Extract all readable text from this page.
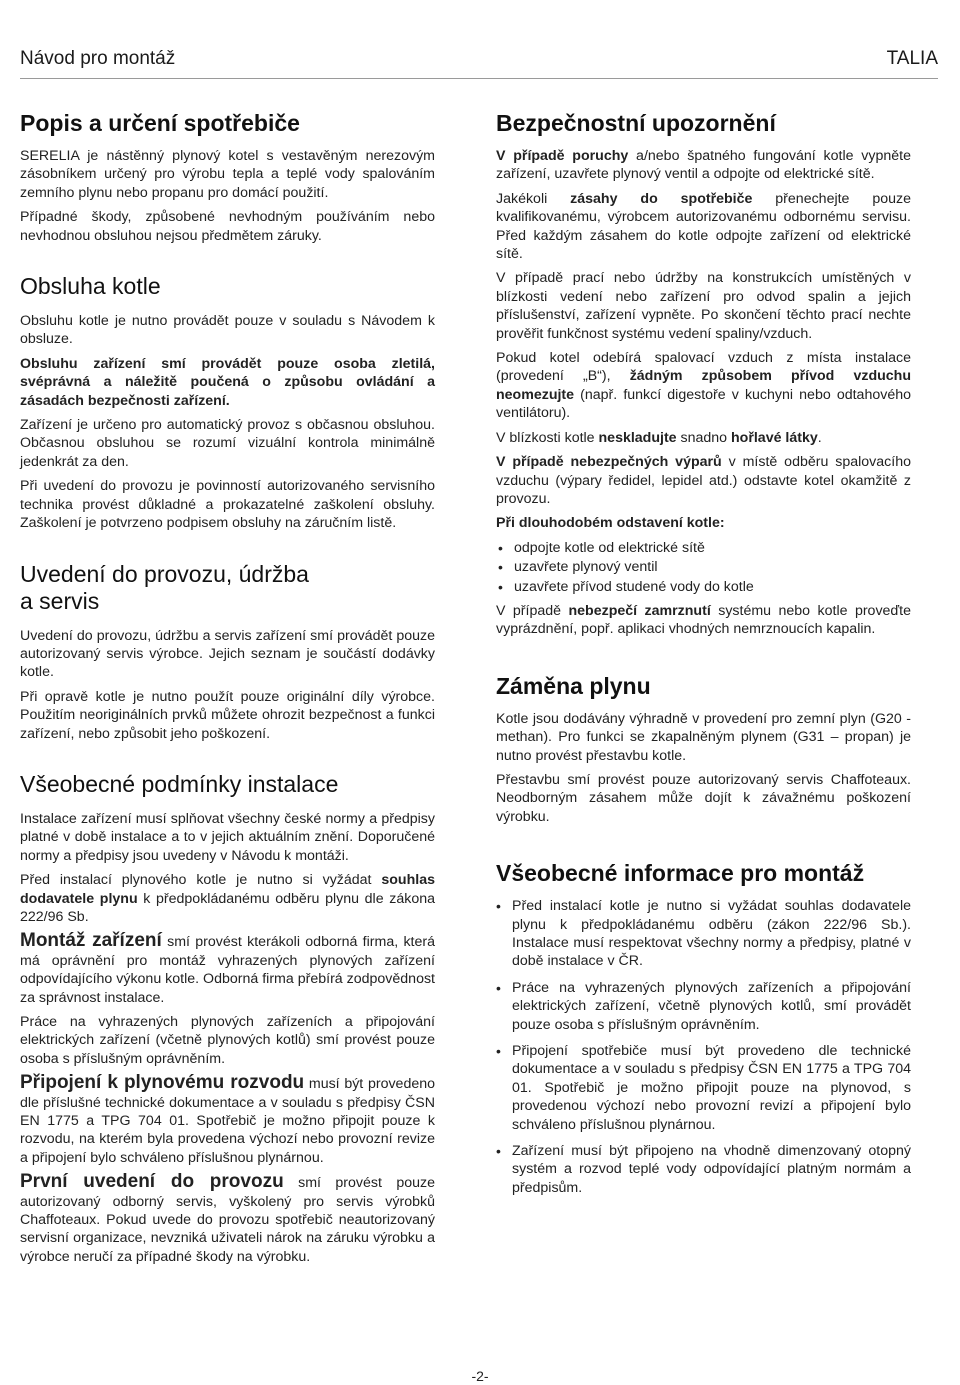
Návod pro montáž	TALIA
Popis a určení spotřebiče

SERELIA je nástěnný plynový kotel s vestavěným nerezovým zásobníkem určený pro výrobu tepla a teplé vody spalováním zemního plynu nebo propanu pro domácí použití.

Případné škody, způsobené nevhodným používáním nebo nevhodnou obsluhou nejsou předmětem záruky.

Obsluha kotle

Obsluhu kotle je nutno provádět pouze v souladu s Návodem k obsluze.

Obsluhu zařízení smí provádět pouze osoba zletilá, svéprávná a náležitě poučená o způsobu ovládání a zásadách bezpečnosti zařízení.

Zařízení je určeno pro automatický provoz s občasnou obsluhou. Občasnou obsluhou se rozumí vizuální kontrola minimálně jedenkrát za den.

Při uvedení do provozu je povinností autorizovaného servisního technika provést důkladné a prokazatelné zaškolení obsluhy. Zaškolení je potvrzeno podpisem obsluhy na záručním listě.

Uvedení do provozu, údržba
a servis

Uvedení do provozu, údržbu a servis zařízení smí provádět pouze autorizovaný servis výrobce. Jejich seznam je součástí dodávky kotle.

Při opravě kotle je nutno použít pouze originální díly výrobce. Použitím neoriginálních prvků můžete ohrozit bezpečnost a funkci zařízení, nebo způsobit jeho poškození.

Všeobecné podmínky instalace

Instalace zařízení musí splňovat všechny české normy a předpisy platné v době instalace a to v jejich aktuálním znění. Doporučené normy a předpisy jsou uvedeny v Návodu k montáži.

Před instalací plynového kotle je nutno si vyžádat souhlas dodavatele plynu k předpokládanému odběru plynu dle zákona 222/96 Sb.

Montáž zařízení smí provést kterákoli odborná firma, která má oprávnění pro montáž vyhrazených plynových zařízení odpovídajícího výkonu kotle. Odborná firma přebírá zodpovědnost za správnost instalace.

Práce na vyhrazených plynových zařízeních a připojování elektrických zařízení (včetně plynových kotlů) smí provést pouze osoba s příslušným oprávněním.

Připojení k plynovému rozvodu musí být provedeno dle příslušné technické dokumentace a v souladu s předpisy ČSN EN 1775 a TPG 704 01. Spotřebič je možno připojit pouze k rozvodu, na kterém byla provedena výchozí nebo provozní revize a připojení bylo schváleno příslušnou plynárnou.

První uvedení do provozu smí provést pouze autorizovaný odborný servis, vyškolený pro servis výrobků Chaffoteaux. Pokud uvede do provozu spotřebič neautorizovaný servisní organizace, nevzniká uživateli nárok na záruku výrobku a výrobce neručí za případné škody na výrobku.

Bezpečnostní upozornění

V případě poruchy a/nebo špatného fungování kotle vypněte zařízení, uzavřete plynový ventil a odpojte od elektrické sítě.

Jakékoli zásahy do spotřebiče přenechejte pouze kvalifikovanému, výrobcem autorizovanému odbornému servisu. Před každým zásahem do kotle odpojte zařízení od elektrické sítě.

V případě prací nebo údržby na konstrukcích umístěných v blízkosti vedení nebo zařízení pro odvod spalin a jejich příslušenství, zařízení vypněte. Po skončení těchto prací nechte prověřit funkčnost systému vedení spaliny/vzduch.

Pokud kotel odebírá spalovací vzduch z místa instalace (provedení „B“), žádným způsobem přívod vzduchu neomezujte (např. funkcí digestoře v kuchyni nebo odtahového ventilátoru).

V blízkosti kotle neskladujte snadno hořlavé látky.

V případě nebezpečných výparů v místě odběru spalovacího vzduchu (výpary ředidel, lepidel atd.) odstavte kotel okamžitě z provozu.

Při dlouhodobém odstavení kotle:

• odpojte kotle od elektrické sítě
• uzavřete plynový ventil
• uzavřete přívod studené vody do kotle

V případě nebezpečí zamrznutí systému nebo kotle proveďte vyprázdnění, popř. aplikaci vhodných nemrznoucích kapalin.

Záměna plynu

Kotle jsou dodávány výhradně v provedení pro zemní plyn (G20 - methan). Pro funkci se zkapalněným plynem (G31 – propan) je nutno provést přestavbu kotle.

Přestavbu smí provést pouze autorizovaný servis Chaffoteaux. Neodborným zásahem může dojít k závažnému poškození výrobku.

Všeobecné informace pro montáž
• Před instalací kotle je nutno si vyžádat souhlas dodavatele plynu k předpokládanému odběru (zákon 222/96 Sb.). Instalace musí respektovat všechny normy a předpisy, platné v době instalace v ČR.
• Práce na vyhrazených plynových zařízeních a připojování elektrických zařízení, včetně plynových kotlů, smí provádět pouze osoba s příslušným oprávněním.
• Připojení spotřebiče musí být provedeno dle technické dokumentace a v souladu s předpisy ČSN EN 1775 a TPG 704 01. Spotřebič je možno připojit pouze na plynovod, s provedenou výchozí nebo provozní revizí a připojení bylo schváleno příslušnou plynárnou.
• Zařízení musí být připojeno na vhodně dimenzovaný otopný systém a rozvod teplé vody odpovídající platným normám a předpisům.
-2-
